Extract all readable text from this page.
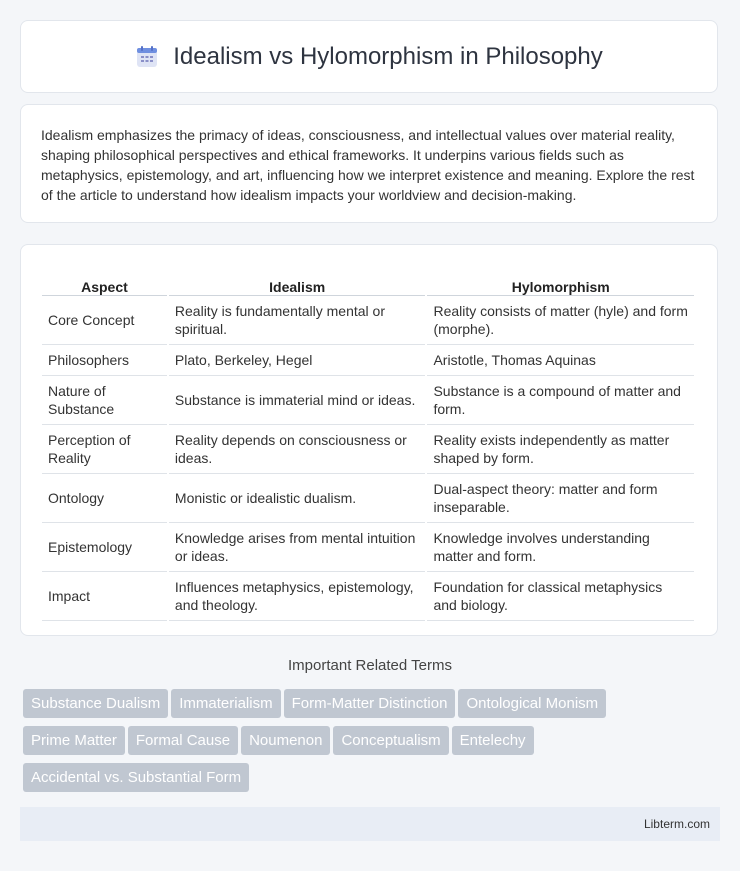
Idealism vs Hylomorphism in Philosophy

Idealism emphasizes the primacy of ideas, consciousness, and intellectual values over material reality, shaping philosophical perspectives and ethical frameworks. It underpins various fields such as metaphysics, epistemology, and art, influencing how we interpret existence and meaning. Explore the rest of the article to understand how idealism impacts your worldview and decision-making.

Aspect	Idealism	Hylomorphism
Core Concept	Reality is fundamentally mental or spiritual.	Reality consists of matter (hyle) and form (morphe).
Philosophers	Plato, Berkeley, Hegel	Aristotle, Thomas Aquinas
Nature of Substance	Substance is immaterial mind or ideas.	Substance is a compound of matter and form.
Perception of Reality	Reality depends on consciousness or ideas.	Reality exists independently as matter shaped by form.
Ontology	Monistic or idealistic dualism.	Dual-aspect theory: matter and form inseparable.
Epistemology	Knowledge arises from mental intuition or ideas.	Knowledge involves understanding matter and form.
Impact	Influences metaphysics, epistemology, and theology.	Foundation for classical metaphysics and biology.
Important Related Terms
Substance Dualism Immaterialism Form-Matter Distinction Ontological Monism
Prime Matter Formal Cause Noumenon Conceptualism Entelechy
Accidental vs. Substantial Form
Libterm.com
